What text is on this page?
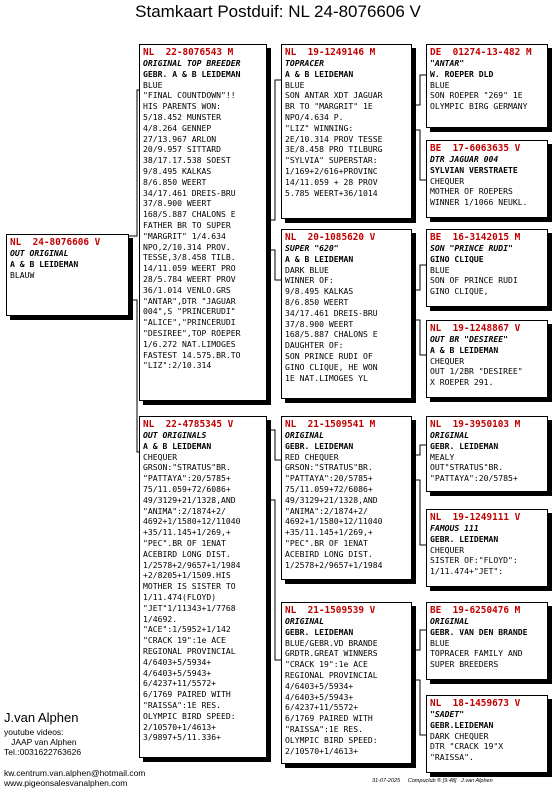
Stamkaart Postduif: NL 24-8076606 V
NL  24-8076606 V
OUT ORIGINAL
A & B LEIDEMAN
BLAUW
NL  22-8076543 M
ORIGINAL TOP BREEDER
GEBR. A & B LEIDEMAN
BLUE
"FINAL COUNTDOWN"!!
HIS PARENTS WON:
5/18.452 MUNSTER
4/8.264 GENNEP
27/13.967 ARLON
20/9.957 SITTARD
38/17.17.538 SOEST
9/8.495 KALKAS
8/6.850 WEERT
34/17.461 DREIS-BRU
37/8.900 WEERT
168/5.887 CHALONS E
FATHER BR TO SUPER
"MARGRIT" 1/4.634
NPO,2/10.314 PROV.
TESSE,3/8.458 TILB.
14/11.059 WEERT PRO
28/5.784 WEERT PROV
36/1.014 VENLO.GRS
"ANTAR",DTR "JAGUAR
004",S "PRINCERUDI"
"ALICE","PRINCERUDI
"DESIREE",TOP ROEPER
1/6.272 NAT.LIMOGES
FASTEST 14.575.BR.TO
"LIZ":2/10.314
NL  22-4785345 V
OUT ORIGINALS
A & B LEIDEMAN
CHEQUER
GRSON:"STRATUS"BR.
"PATTAYA":20/5785+
75/11.059+72/6086+
49/3129+21/1328,AND
"ANIMA":2/1874+2/
4692+1/1580+12/11040
+35/11.145+1/269,+
"PEC".BR OF 1ENAT
ACEBIRD LONG DIST.
1/2578+2/9657+1/1984
+2/8205+1/1509.HIS
MOTHER IS SISTER TO
1/11.474(FLOYD)
"JET"1/11343+1/7768
1/4692.
"ACE":1/5952+1/142
"CRACK 19":1e ACE
REGIONAL PROVINCIAL
4/6403+5/5934+
4/6403+5/5943+
6/4237+11/5572+
6/1769 PAIRED WITH
"RAISSA":1E RES.
OLYMPIC BIRD SPEED:
2/10570+1/4613+
3/9897+5/11.336+
NL  19-1249146 M
TOPRACER
A & B LEIDEMAN
BLUE
SON ANTAR XDT JAGUAR
BR TO "MARGRIT" 1E
NPO/4.634 P.
"LIZ" WINNING:
2E/10.314 PROV TESSE
3E/8.458 PRO TILBURG
"SYLVIA" SUPERSTAR:
1/169+2/616+PROVINC
14/11.059 + 28 PROV
5.785 WEERT+36/1014
NL  20-1085620 V
SUPER "620"
A & B LEIDEMAN
DARK BLUE
WINNER OF:
9/8.495 KALKAS
8/6.850 WEERT
34/17.461 DREIS-BRU
37/8.900 WEERT
168/5.887 CHALONS E
DAUGHTER OF:
SON PRINCE RUDI OF
GINO CLIQUE, HE WON
1E NAT.LIMOGES YL
NL  21-1509541 M
ORIGINAL
GEBR. LEIDEMAN
RED CHEQUER
GRSON:"STRATUS"BR.
"PATTAYA":20/5785+
75/11.059+72/6086+
49/3129+21/1328,AND
"ANIMA":2/1874+2/
4692+1/1580+12/11040
+35/11.145+1/269,+
"PEC".BR OF 1ENAT
ACEBIRD LONG DIST.
1/2578+2/9657+1/1984
NL  21-1509539 V
ORIGINAL
GEBR. LEIDEMAN
BLUE/GEBR.VD BRANDE
GRDTR.GREAT WINNERS
"CRACK 19":1e ACE
REGIONAL PROVINCIAL
4/6403+5/5934+
4/6403+5/5943+
6/4237+11/5572+
6/1769 PAIRED WITH
"RAISSA":1E RES.
OLYMPIC BIRD SPEED:
2/10570+1/4613+
DE  01274-13-482 M
"ANTAR"
W. ROEPER DLD
BLUE
SON ROEPER "269" 1E
OLYMPIC BIRG GERMANY
BE  17-6063635 V
DTR JAGUAR 004
SYLVIAN VERSTRAETE
CHEQUER
MOTHER OF ROEPERS
WINNER 1/1066 NEUKL.
BE  16-3142015 M
SON "PRINCE RUDI"
GINO CLIQUE
BLUE
SON OF PRINCE RUDI
GINO CLIQUE,
NL  19-1248867 V
OUT BR "DESIREE"
A & B LEIDEMAN
CHEQUER
OUT 1/2BR "DESIREE"
X ROEPER 291.
NL  19-3950103 M
ORIGINAL
GEBR. LEIDEMAN
MEALY
OUT"STRATUS"BR.
"PATTAYA":20/5785+
NL  19-1249111 V
FAMOUS 111
GEBR. LEIDEMAN
CHEQUER
SISTER OF:"FLOYD":
1/11.474+"JET":
BE  19-6250476 M
ORIGINAL
GEBR. VAN DEN BRANDE
BLUE
TOPRACER FAMILY AND
SUPER BREEDERS
NL  18-1459673 V
"SADET"
GEBR.LEIDEMAN
DARK CHEQUER
DTR "CRACK 19"X
"RAISSA".
J.van Alphen
youtube videos:
JAAP van Alphen
Tel.:0031622763626
kw.centrum.van.alphen@hotmail.com
www.pigeonsalesvanalphen.com	31-07-2025     Compuclub ® [9.48]   J.van Alphen
